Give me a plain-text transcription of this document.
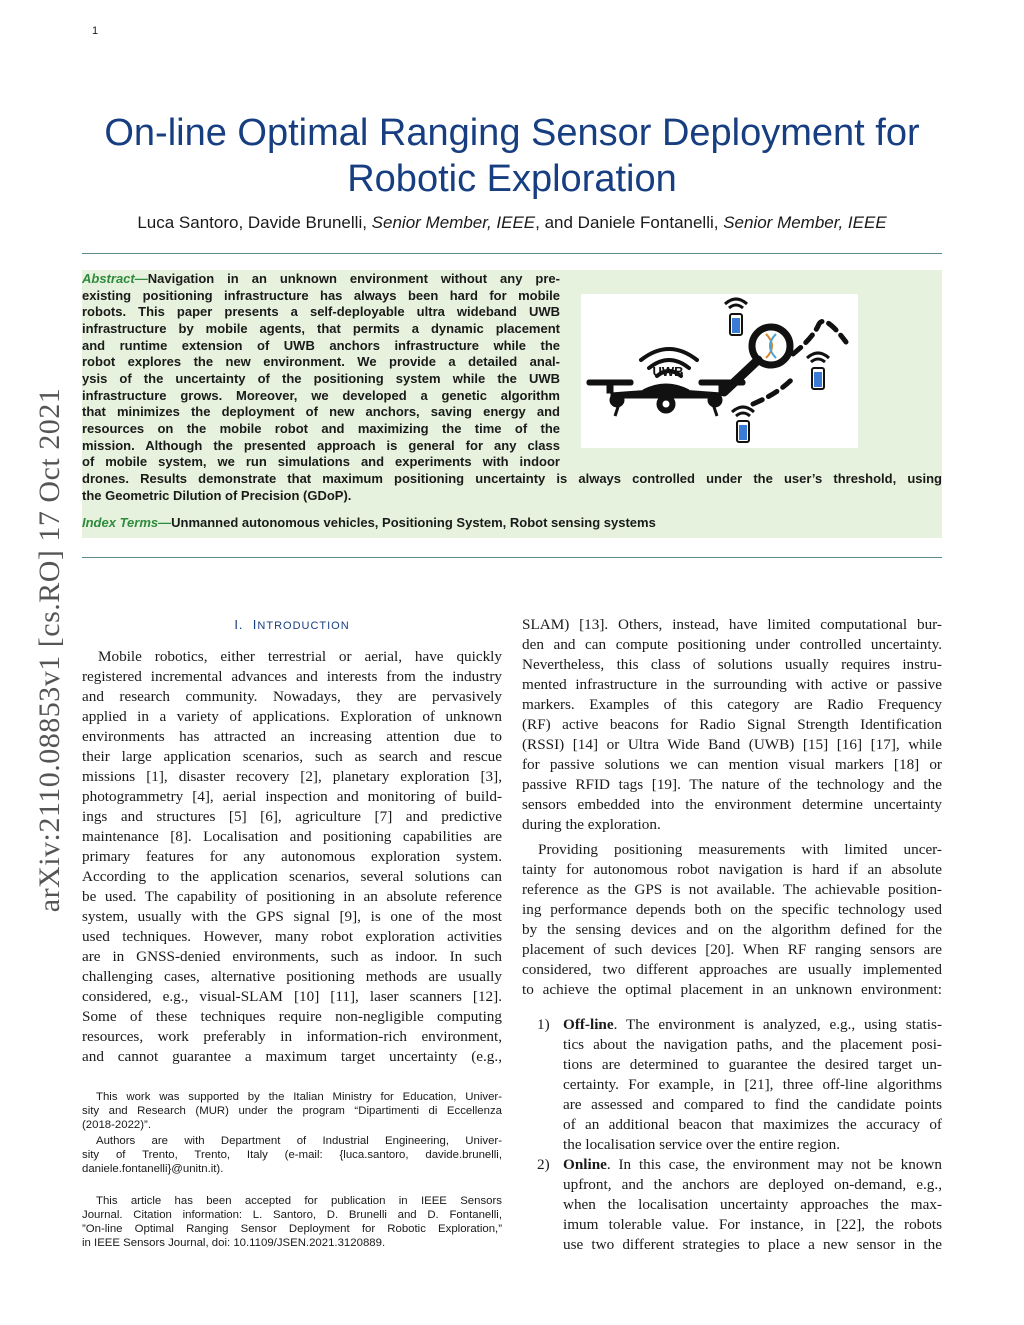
1
arXiv:2110.08853v1 [cs.RO] 17 Oct 2021
On-line Optimal Ranging Sensor Deployment for
Robotic Exploration
Luca Santoro, Davide Brunelli, Senior Member, IEEE, and Daniele Fontanelli, Senior Member, IEEE
Abstract—Navigation in an unknown environment without any pre-
existing positioning infrastructure has always been hard for mobile
robots. This paper presents a self-deployable ultra wideband UWB
infrastructure by mobile agents, that permits a dynamic placement
and runtime extension of UWB anchors infrastructure while the
robot explores the new environment. We provide a detailed anal-
ysis of the uncertainty of the positioning system while the UWB
infrastructure grows. Moreover, we developed a genetic algorithm
that minimizes the deployment of new anchors, saving energy and
resources on the mobile robot and maximizing the time of the
mission. Although the presented approach is general for any class
of mobile system, we run simulations and experiments with indoor
drones. Results demonstrate that maximum positioning uncertainty is always controlled under the user’s threshold, using
the Geometric Dilution of Precision (GDoP).
Index Terms—Unmanned autonomous vehicles, Positioning System, Robot sensing systems
UWB
I. INTRODUCTION
Mobile robotics, either terrestrial or aerial, have quickly
registered incremental advances and interests from the industry
and research community. Nowadays, they are pervasively
applied in a variety of applications. Exploration of unknown
environments has attracted an increasing attention due to
their large application scenarios, such as search and rescue
missions [1], disaster recovery [2], planetary exploration [3],
photogrammetry [4], aerial inspection and monitoring of build-
ings and structures [5] [6], agriculture [7] and predictive
maintenance [8]. Localisation and positioning capabilities are
primary features for any autonomous exploration system.
According to the application scenarios, several solutions can
be used. The capability of positioning in an absolute reference
system, usually with the GPS signal [9], is one of the most
used techniques. However, many robot exploration activities
are in GNSS-denied environments, such as indoor. In such
challenging cases, alternative positioning methods are usually
considered, e.g., visual-SLAM [10] [11], laser scanners [12].
Some of these techniques require non-negligible computing
resources, work preferably in information-rich environment,
and cannot guarantee a maximum target uncertainty (e.g.,
This work was supported by the Italian Ministry for Education, Univer-
sity and Research (MUR) under the program “Dipartimenti di Eccellenza
(2018-2022)”.
Authors are with Department of Industrial Engineering, Univer-
sity of Trento, Trento, Italy (e-mail: {luca.santoro, davide.brunelli,
daniele.fontanelli}@unitn.it).
This article has been accepted for publication in IEEE Sensors
Journal. Citation information: L. Santoro, D. Brunelli and D. Fontanelli,
”On-line Optimal Ranging Sensor Deployment for Robotic Exploration,”
in IEEE Sensors Journal, doi: 10.1109/JSEN.2021.3120889.
SLAM) [13]. Others, instead, have limited computational bur-
den and can compute positioning under controlled uncertainty.
Nevertheless, this class of solutions usually requires instru-
mented infrastructure in the surrounding with active or passive
markers. Examples of this category are Radio Frequency
(RF) active beacons for Radio Signal Strength Identification
(RSSI) [14] or Ultra Wide Band (UWB) [15] [16] [17], while
for passive solutions we can mention visual markers [18] or
passive RFID tags [19]. The nature of the technology and the
sensors embedded into the environment determine uncertainty
during the exploration.
Providing positioning measurements with limited uncer-
tainty for autonomous robot navigation is hard if an absolute
reference as the GPS is not available. The achievable position-
ing performance depends both on the specific technology used
by the sensing devices and on the algorithm defined for the
placement of such devices [20]. When RF ranging sensors are
considered, two different approaches are usually implemented
to achieve the optimal placement in an unknown environment:
1) Off-line. The environment is analyzed, e.g., using statis-
tics about the navigation paths, and the placement posi-
tions are determined to guarantee the desired target un-
certainty. For example, in [21], three off-line algorithms
are assessed and compared to find the candidate points
of an additional beacon that maximizes the accuracy of
the localisation service over the entire region.
2) Online. In this case, the environment may not be known
upfront, and the anchors are deployed on-demand, e.g.,
when the localisation uncertainty approaches the max-
imum tolerable value. For instance, in [22], the robots
use two different strategies to place a new sensor in the
